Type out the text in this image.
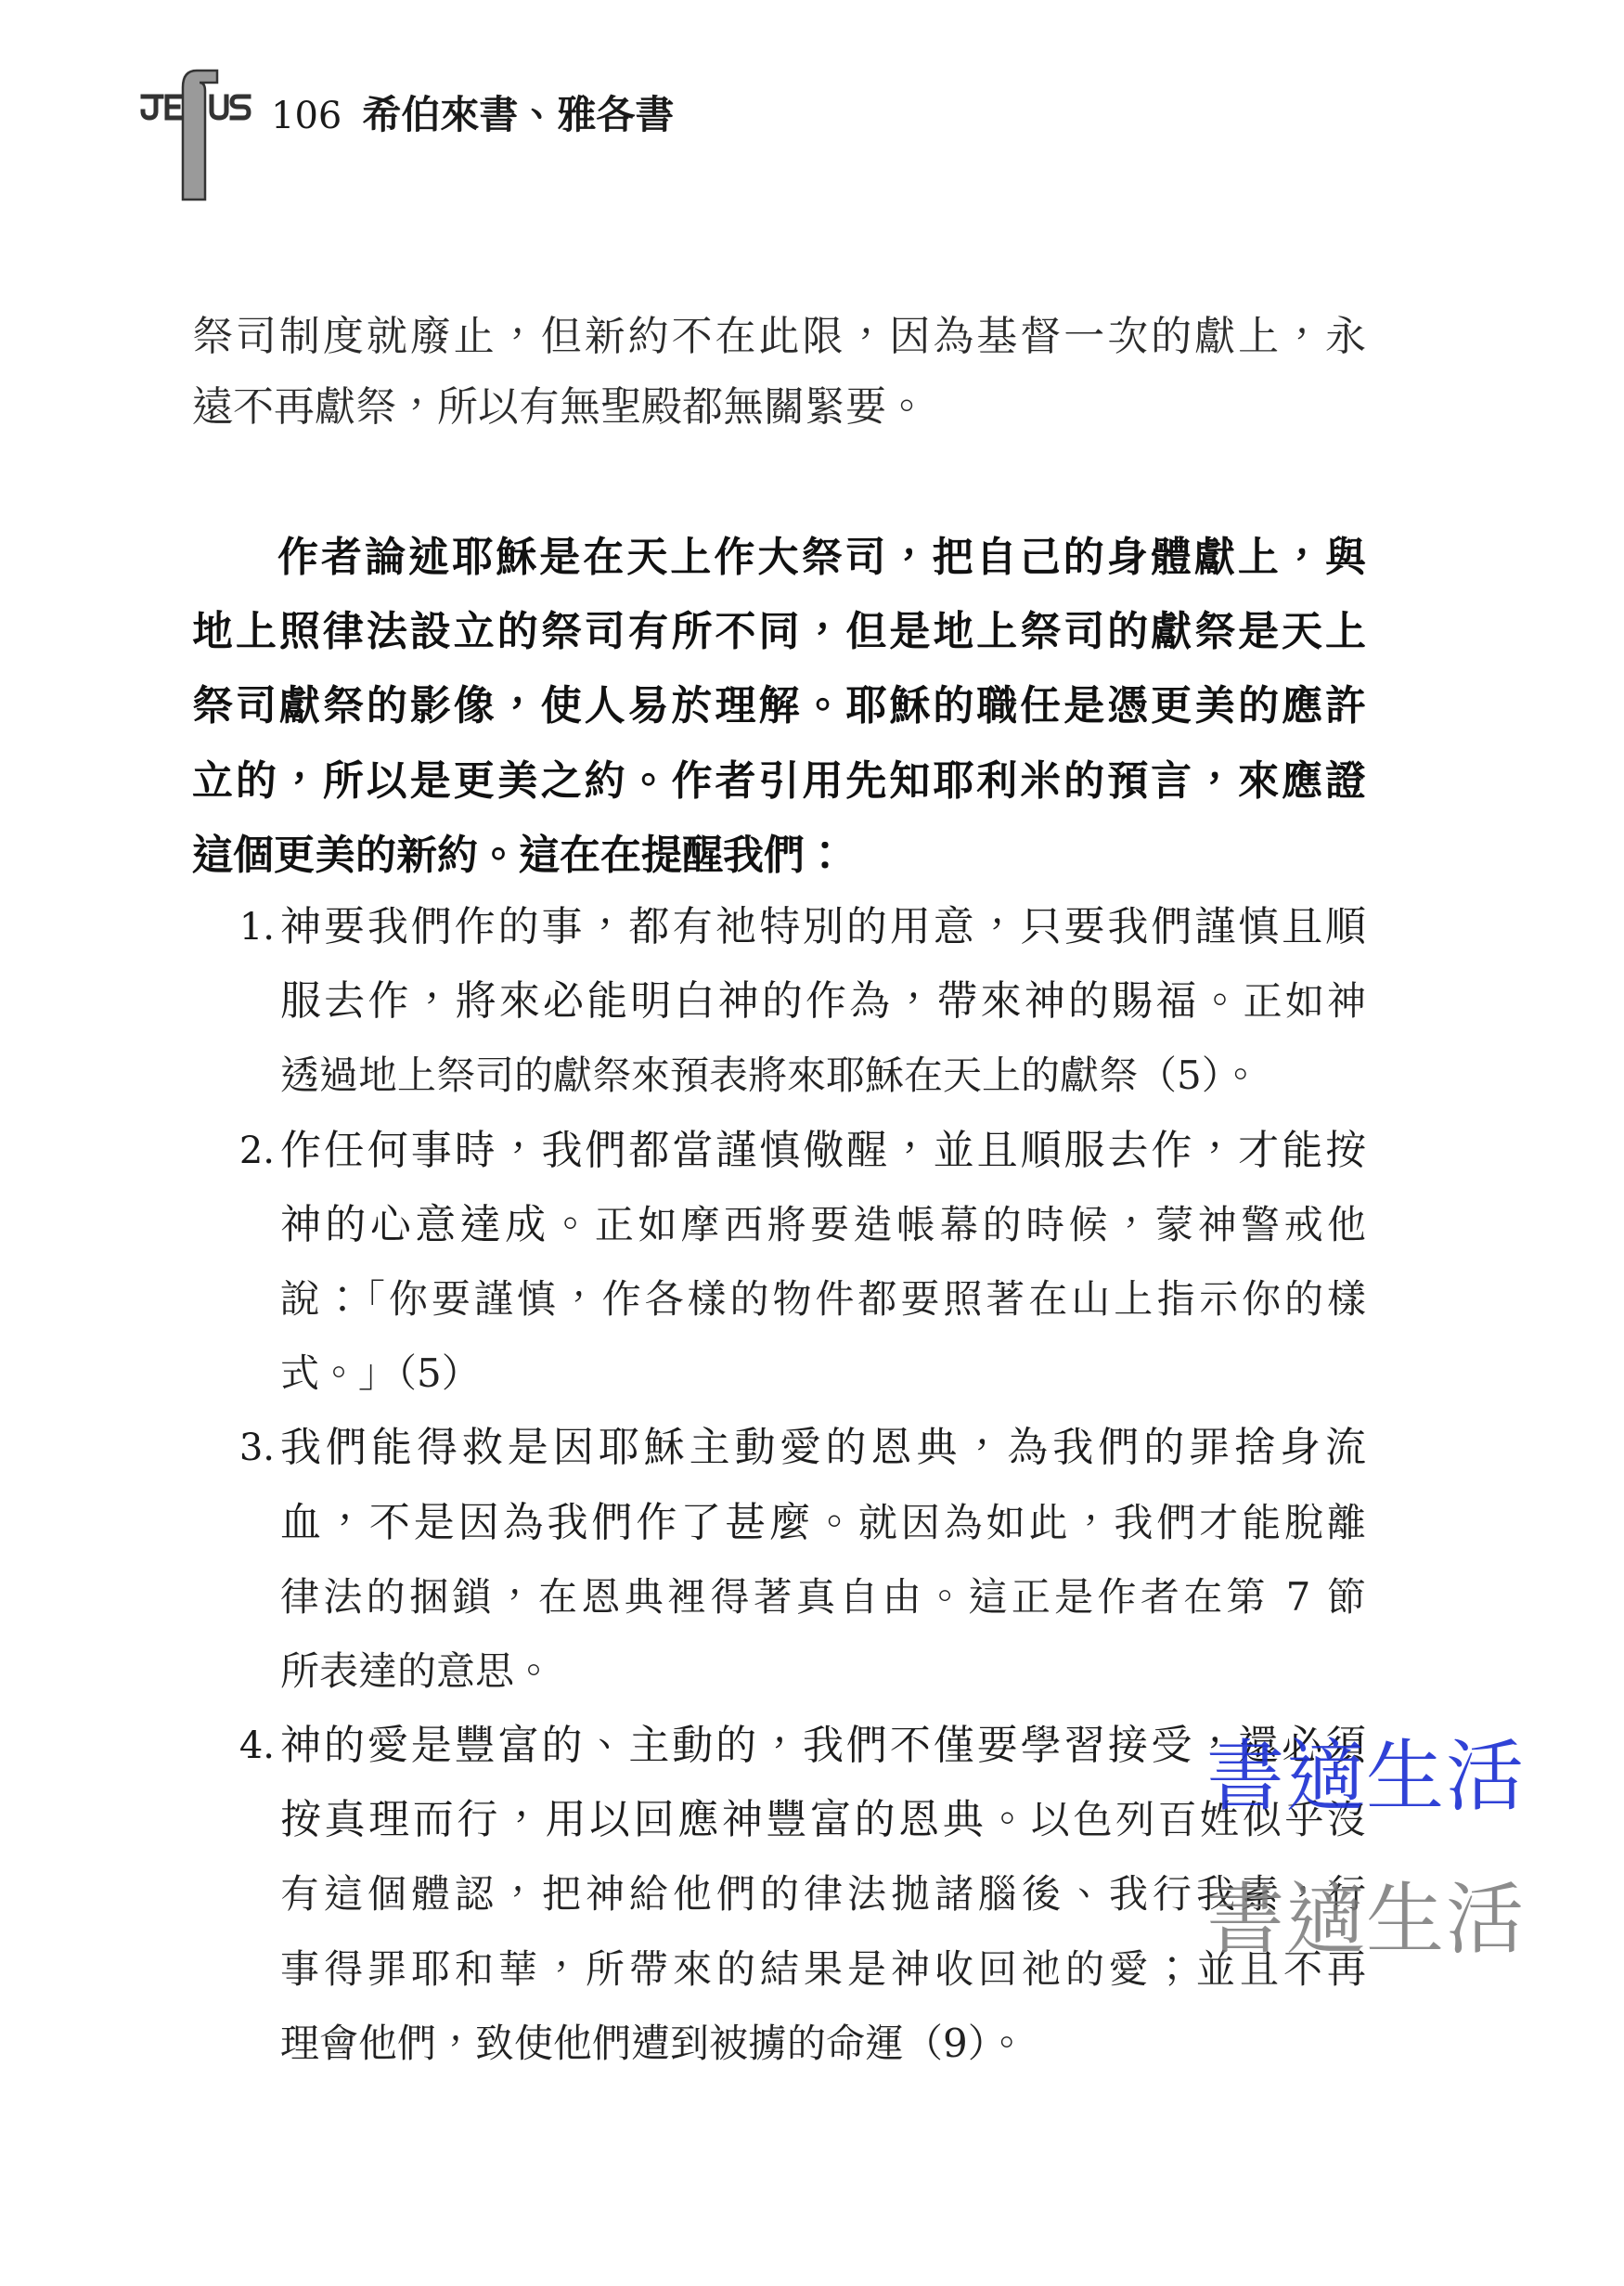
106 希伯來書、雅各書
祭司制度就廢止，但新約不在此限，因為基督一次的獻上，永
遠不再獻祭，所以有無聖殿都無關緊要。
作者論述耶穌是在天上作大祭司，把自己的身體獻上，與
地上照律法設立的祭司有所不同，但是地上祭司的獻祭是天上
祭司獻祭的影像，使人易於理解。耶穌的職任是憑更美的應許
立的，所以是更美之約。作者引用先知耶利米的預言，來應證
這個更美的新約。這在在提醒我們：
1. 神要我們作的事，都有祂特別的用意，只要我們謹慎且順
服去作，將來必能明白神的作為，帶來神的賜福。正如神
透過地上祭司的獻祭來預表將來耶穌在天上的獻祭（5）。
2. 作任何事時，我們都當謹慎儆醒，並且順服去作，才能按
神的心意達成。正如摩西將要造帳幕的時候，蒙神警戒他
說：「你要謹慎，作各樣的物件都要照著在山上指示你的樣
式。」（5）
3. 我們能得救是因耶穌主動愛的恩典，為我們的罪捨身流
血，不是因為我們作了甚麼。就因為如此，我們才能脫離
律法的捆鎖，在恩典裡得著真自由。這正是作者在第 7 節
所表達的意思。
4. 神的愛是豐富的、主動的，我們不僅要學習接受，還必須
按真理而行，用以回應神豐富的恩典。以色列百姓似乎沒
有這個體認，把神給他們的律法拋諸腦後、我行我素，行
事得罪耶和華，所帶來的結果是神收回祂的愛；並且不再
理會他們，致使他們遭到被擄的命運（9）。
書適生活
書適生活
